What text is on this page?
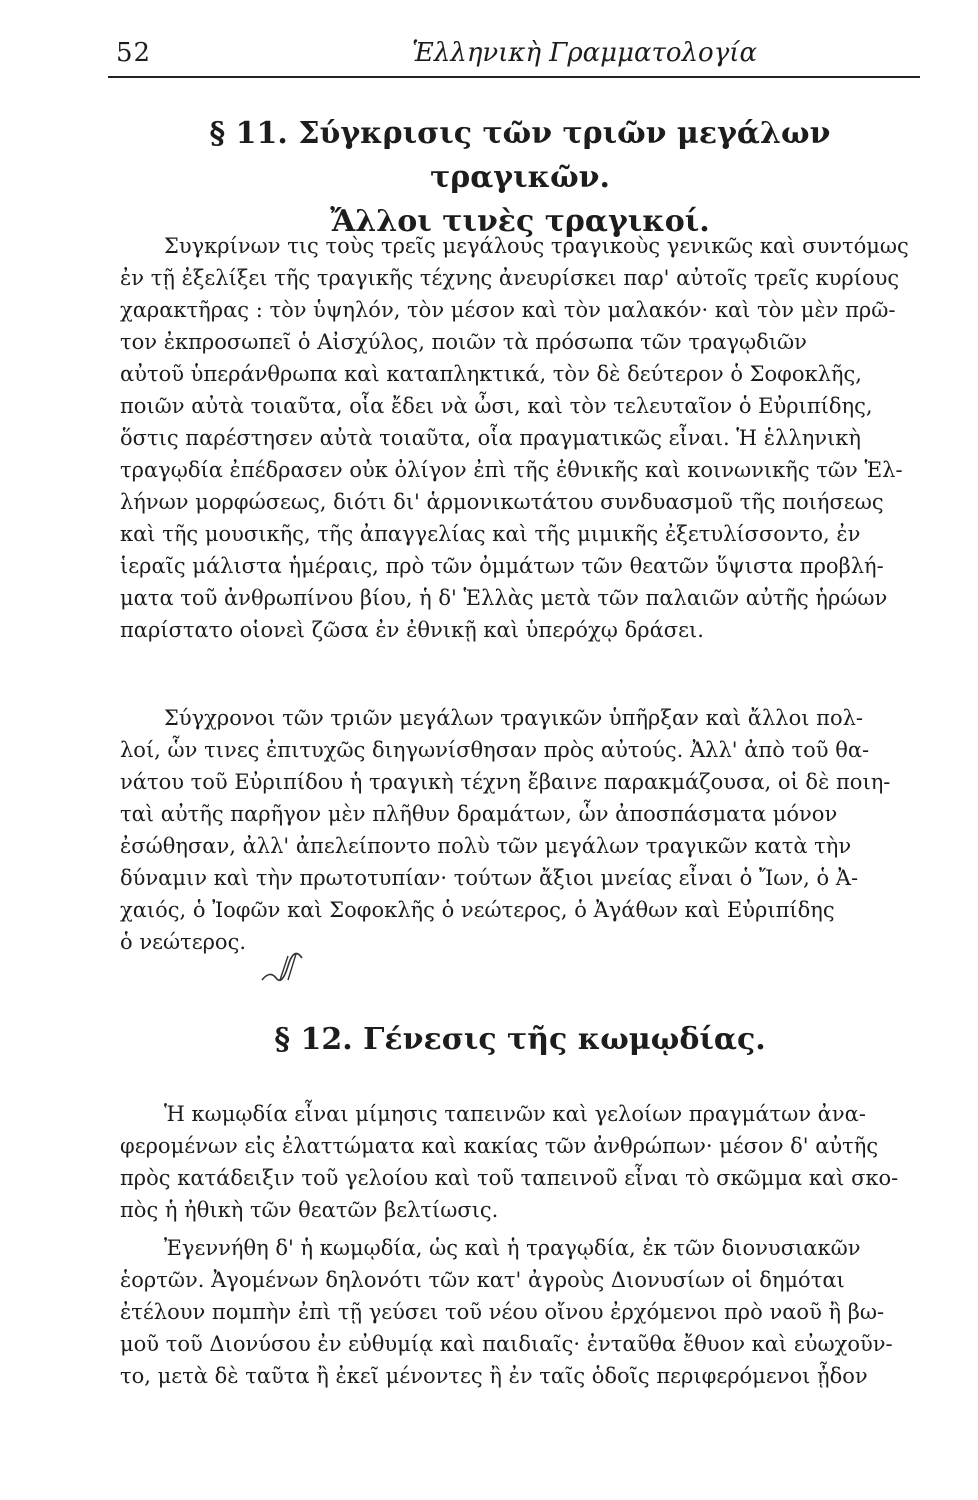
52	Ἑλληνικὴ Γραμματολογία
§ 11. Σύγκρισις τῶν τριῶν μεγάλων τραγικῶν.
Ἄλλοι τινὲς τραγικοί.
Συγκρίνων τις τοὺς τρεῖς μεγάλους τραγικοὺς γενικῶς καὶ συντόμως
ἐν τῇ ἐξελίξει τῆς τραγικῆς τέχνης ἀνευρίσκει παρ' αὐτοῖς τρεῖς κυρίους
χαρακτῆρας : τὸν ὑψηλόν, τὸν μέσον καὶ τὸν μαλακόν· καὶ τὸν μὲν πρῶ-
τον ἐκπροσωπεῖ ὁ Αἰσχύλος, ποιῶν τὰ πρόσωπα τῶν τραγῳδιῶν
αὐτοῦ ὑπεράνθρωπα καὶ καταπληκτικά, τὸν δὲ δεύτερον ὁ Σοφοκλῆς,
ποιῶν αὐτὰ τοιαῦτα, οἷα ἔδει νὰ ὦσι, καὶ τὸν τελευταῖον ὁ Εὐριπίδης,
ὅστις παρέστησεν αὐτὰ τοιαῦτα, οἷα πραγματικῶς εἶναι. Ἡ ἑλληνικὴ
τραγῳδία ἐπέδρασεν οὐκ ὀλίγον ἐπὶ τῆς ἐθνικῆς καὶ κοινωνικῆς τῶν Ἑλ-
λήνων μορφώσεως, διότι δι' ἁρμονικωτάτου συνδυασμοῦ τῆς ποιήσεως
καὶ τῆς μουσικῆς, τῆς ἀπαγγελίας καὶ τῆς μιμικῆς ἐξετυλίσσοντο, ἐν
ἱεραῖς μάλιστα ἡμέραις, πρὸ τῶν ὀμμάτων τῶν θεατῶν ὕψιστα προβλή-
ματα τοῦ ἀνθρωπίνου βίου, ἡ δ' Ἑλλὰς μετὰ τῶν παλαιῶν αὐτῆς ἡρώων
παρίστατο οἱονεὶ ζῶσα ἐν ἐθνικῇ καὶ ὑπερόχῳ δράσει.
Σύγχρονοι τῶν τριῶν μεγάλων τραγικῶν ὑπῆρξαν καὶ ἄλλοι πολ-
λοί, ὧν τινες ἐπιτυχῶς διηγωνίσθησαν πρὸς αὐτούς. Ἀλλ' ἀπὸ τοῦ θα-
νάτου τοῦ Εὐριπίδου ἡ τραγικὴ τέχνη ἔβαινε παρακμάζουσα, οἱ δὲ ποιη-
ταὶ αὐτῆς παρῆγον μὲν πλῆθυν δραμάτων, ὧν ἀποσπάσματα μόνον
ἐσώθησαν, ἀλλ' ἀπελείποντο πολὺ τῶν μεγάλων τραγικῶν κατὰ τὴν
δύναμιν καὶ τὴν πρωτοτυπίαν· τούτων ἄξιοι μνείας εἶναι ὁ Ἴων, ὁ Ἀ-
χαιός, ὁ Ἰοφῶν καὶ Σοφοκλῆς ὁ νεώτερος, ὁ Ἀγάθων καὶ Εὐριπίδης
ὁ νεώτερος.
§ 12. Γένεσις τῆς κωμῳδίας.
Ἡ κωμῳδία εἶναι μίμησις ταπεινῶν καὶ γελοίων πραγμάτων ἀνα-
φερομένων εἰς ἐλαττώματα καὶ κακίας τῶν ἀνθρώπων· μέσον δ' αὐτῆς
πρὸς κατάδειξιν τοῦ γελοίου καὶ τοῦ ταπεινοῦ εἶναι τὸ σκῶμμα καὶ σκο-
πὸς ἡ ἠθικὴ τῶν θεατῶν βελτίωσις.
Ἐγεννήθη δ' ἡ κωμῳδία, ὡς καὶ ἡ τραγῳδία, ἐκ τῶν διονυσιακῶν
ἑορτῶν. Ἀγομένων δηλονότι τῶν κατ' ἀγροὺς Διονυσίων οἱ δημόται
ἐτέλουν πομπὴν ἐπὶ τῇ γεύσει τοῦ νέου οἴνου ἐρχόμενοι πρὸ ναοῦ ἢ βω-
μοῦ τοῦ Διονύσου ἐν εὐθυμίᾳ καὶ παιδιαῖς· ἐνταῦθα ἔθυον καὶ εὐωχοῦν-
το, μετὰ δὲ ταῦτα ἢ ἐκεῖ μένοντες ἢ ἐν ταῖς ὁδοῖς περιφερόμενοι ᾖδον
